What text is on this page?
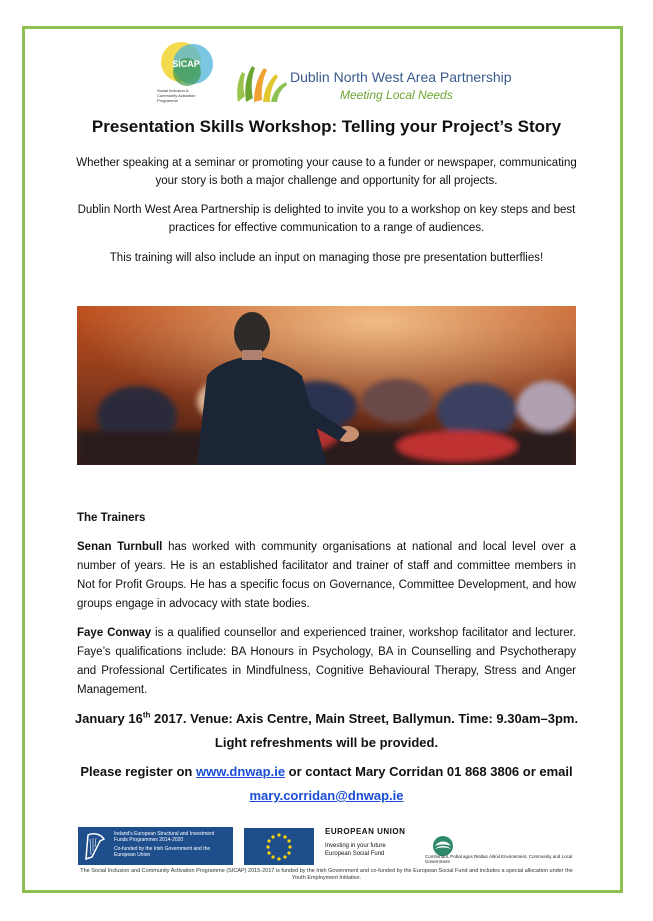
SICAP
Social Inclusion &
Community Activation
Programme
Dublin North West Area Partnership
Meeting Local Needs
Presentation Skills Workshop: Telling your Project’s Story
Whether speaking at a seminar or promoting your cause to a funder or newspaper, communicating your story is both a major challenge and opportunity for all projects.
Dublin North West Area Partnership is delighted to invite you to a workshop on key steps and best practices for effective communication to a range of audiences.
This training will also include an input on managing those pre presentation butterflies!
The Trainers
Senan Turnbull has worked with community organisations at national and local level over a number of years. He is an established facilitator and trainer of staff and committee members in Not for Profit Groups. He has a specific focus on Governance, Committee Development, and how groups engage in advocacy with state bodies.
Faye Conway is a qualified counsellor and experienced trainer, workshop facilitator and lecturer. Faye’s qualifications include: BA Honours in Psychology, BA in Counselling and Psychotherapy and Professional Certificates in Mindfulness, Cognitive Behavioural Therapy, Stress and Anger Management.
January 16th 2017. Venue: Axis Centre, Main Street, Ballymun. Time: 9.30am–3pm. Light refreshments will be provided.
Please register on www.dnwap.ie or contact Mary Corridan 01 868 3806 or email mary.corridan@dnwap.ie
Ireland's European Structural and Investment Funds Programmes 2014-2020
Co-funded by the Irish Government and the European Union
EUROPEAN UNION
Investing in your future
European Social Fund	Comhshaol, Pobal agus Rialtas Áitiúil Environment, Community and Local Government
The Social Inclusion and Community Activation Programme (SICAP) 2015-2017 is funded by the Irish Government and co-funded by the European Social Fund and includes a special allocation under the Youth Employment Initiative.
